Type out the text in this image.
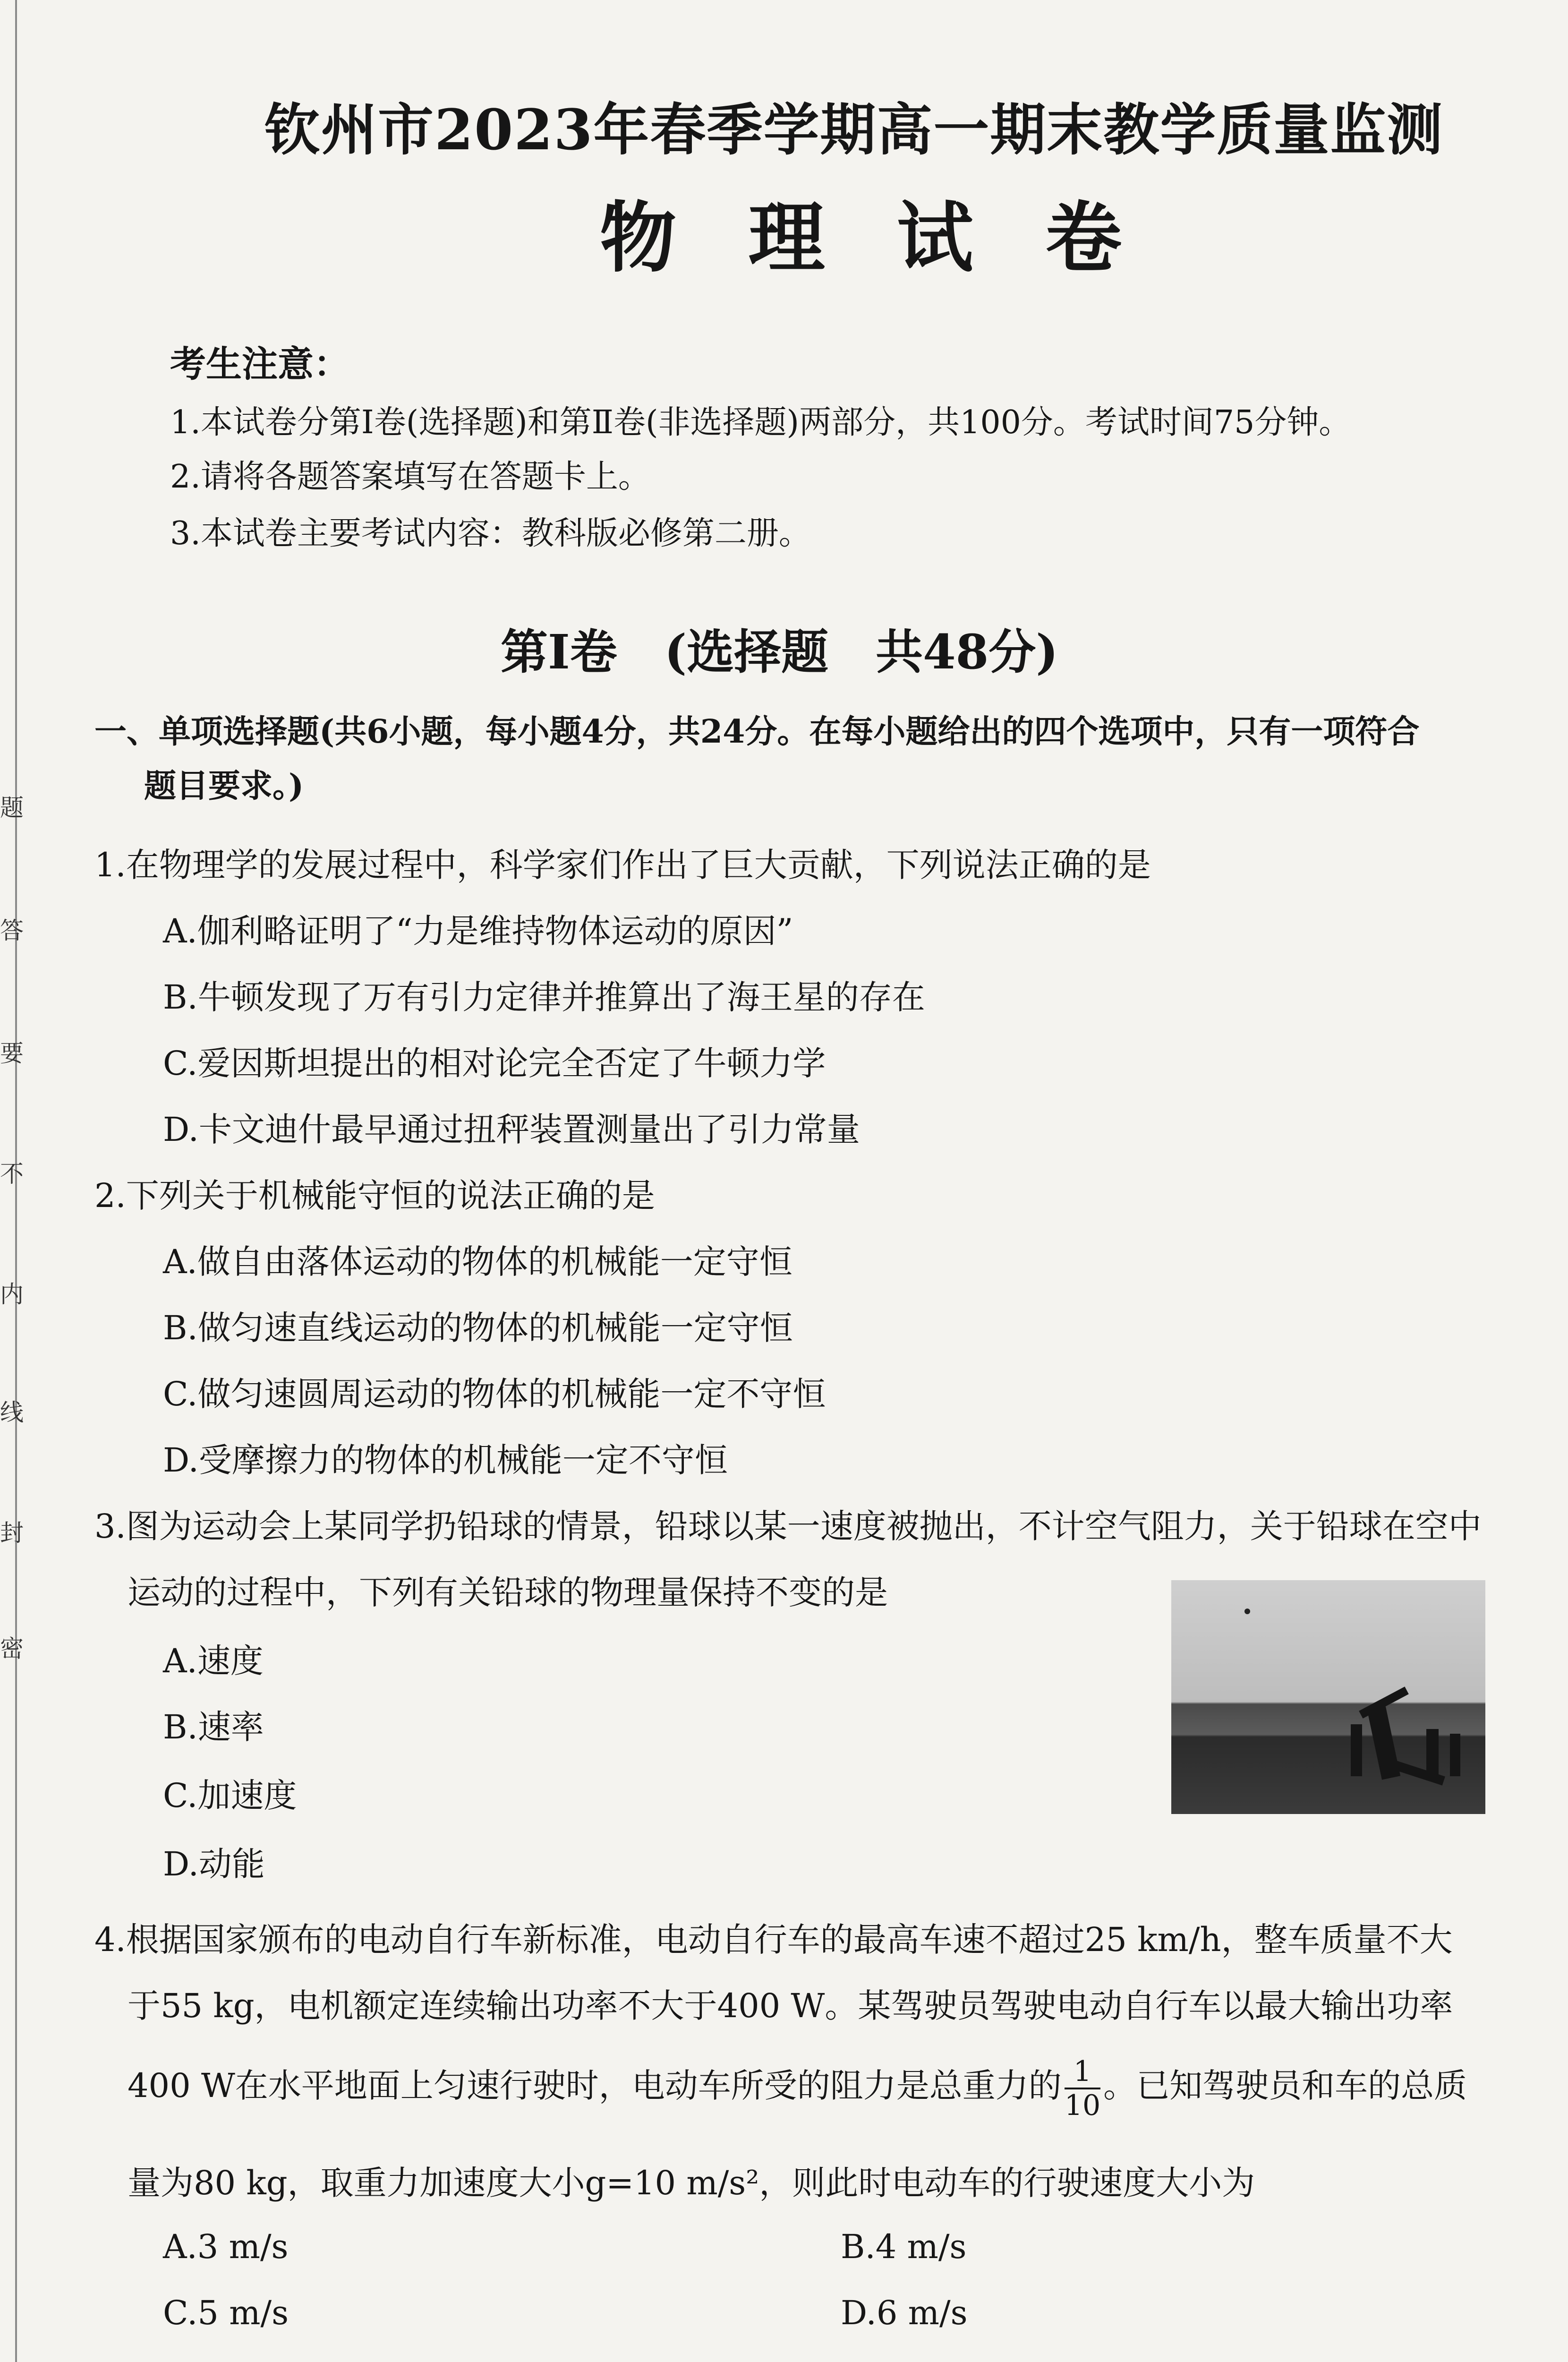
题
答
要
不
内
线
封
密
钦州市2023年春季学期高一期末教学质量监测
物 理 试 卷
考生注意：
1.本试卷分第Ⅰ卷(选择题)和第Ⅱ卷(非选择题)两部分，共100分。考试时间75分钟。
2.请将各题答案填写在答题卡上。
3.本试卷主要考试内容：教科版必修第二册。
第Ⅰ卷　(选择题　共48分)
一、单项选择题(共6小题，每小题4分，共24分。在每小题给出的四个选项中，只有一项符合
题目要求。)
1.在物理学的发展过程中，科学家们作出了巨大贡献，下列说法正确的是
A.伽利略证明了“力是维持物体运动的原因”
B.牛顿发现了万有引力定律并推算出了海王星的存在
C.爱因斯坦提出的相对论完全否定了牛顿力学
D.卡文迪什最早通过扭秤装置测量出了引力常量
2.下列关于机械能守恒的说法正确的是
A.做自由落体运动的物体的机械能一定守恒
B.做匀速直线运动的物体的机械能一定守恒
C.做匀速圆周运动的物体的机械能一定不守恒
D.受摩擦力的物体的机械能一定不守恒
3.图为运动会上某同学扔铅球的情景，铅球以某一速度被抛出，不计空气阻力，关于铅球在空中
运动的过程中，下列有关铅球的物理量保持不变的是
A.速度
B.速率
C.加速度
D.动能
4.根据国家颁布的电动自行车新标准，电动自行车的最高车速不超过25 km/h，整车质量不大
于55 kg，电机额定连续输出功率不大于400 W。某驾驶员驾驶电动自行车以最大输出功率
400 W在水平地面上匀速行驶时，电动车所受的阻力是总重力的 $\frac{1}{10}$ 。已知驾驶员和车的总质
量为80 kg，取重力加速度大小g=10 m/s²，则此时电动车的行驶速度大小为
A.3 m/s	B.4 m/s
C.5 m/s	D.6 m/s
